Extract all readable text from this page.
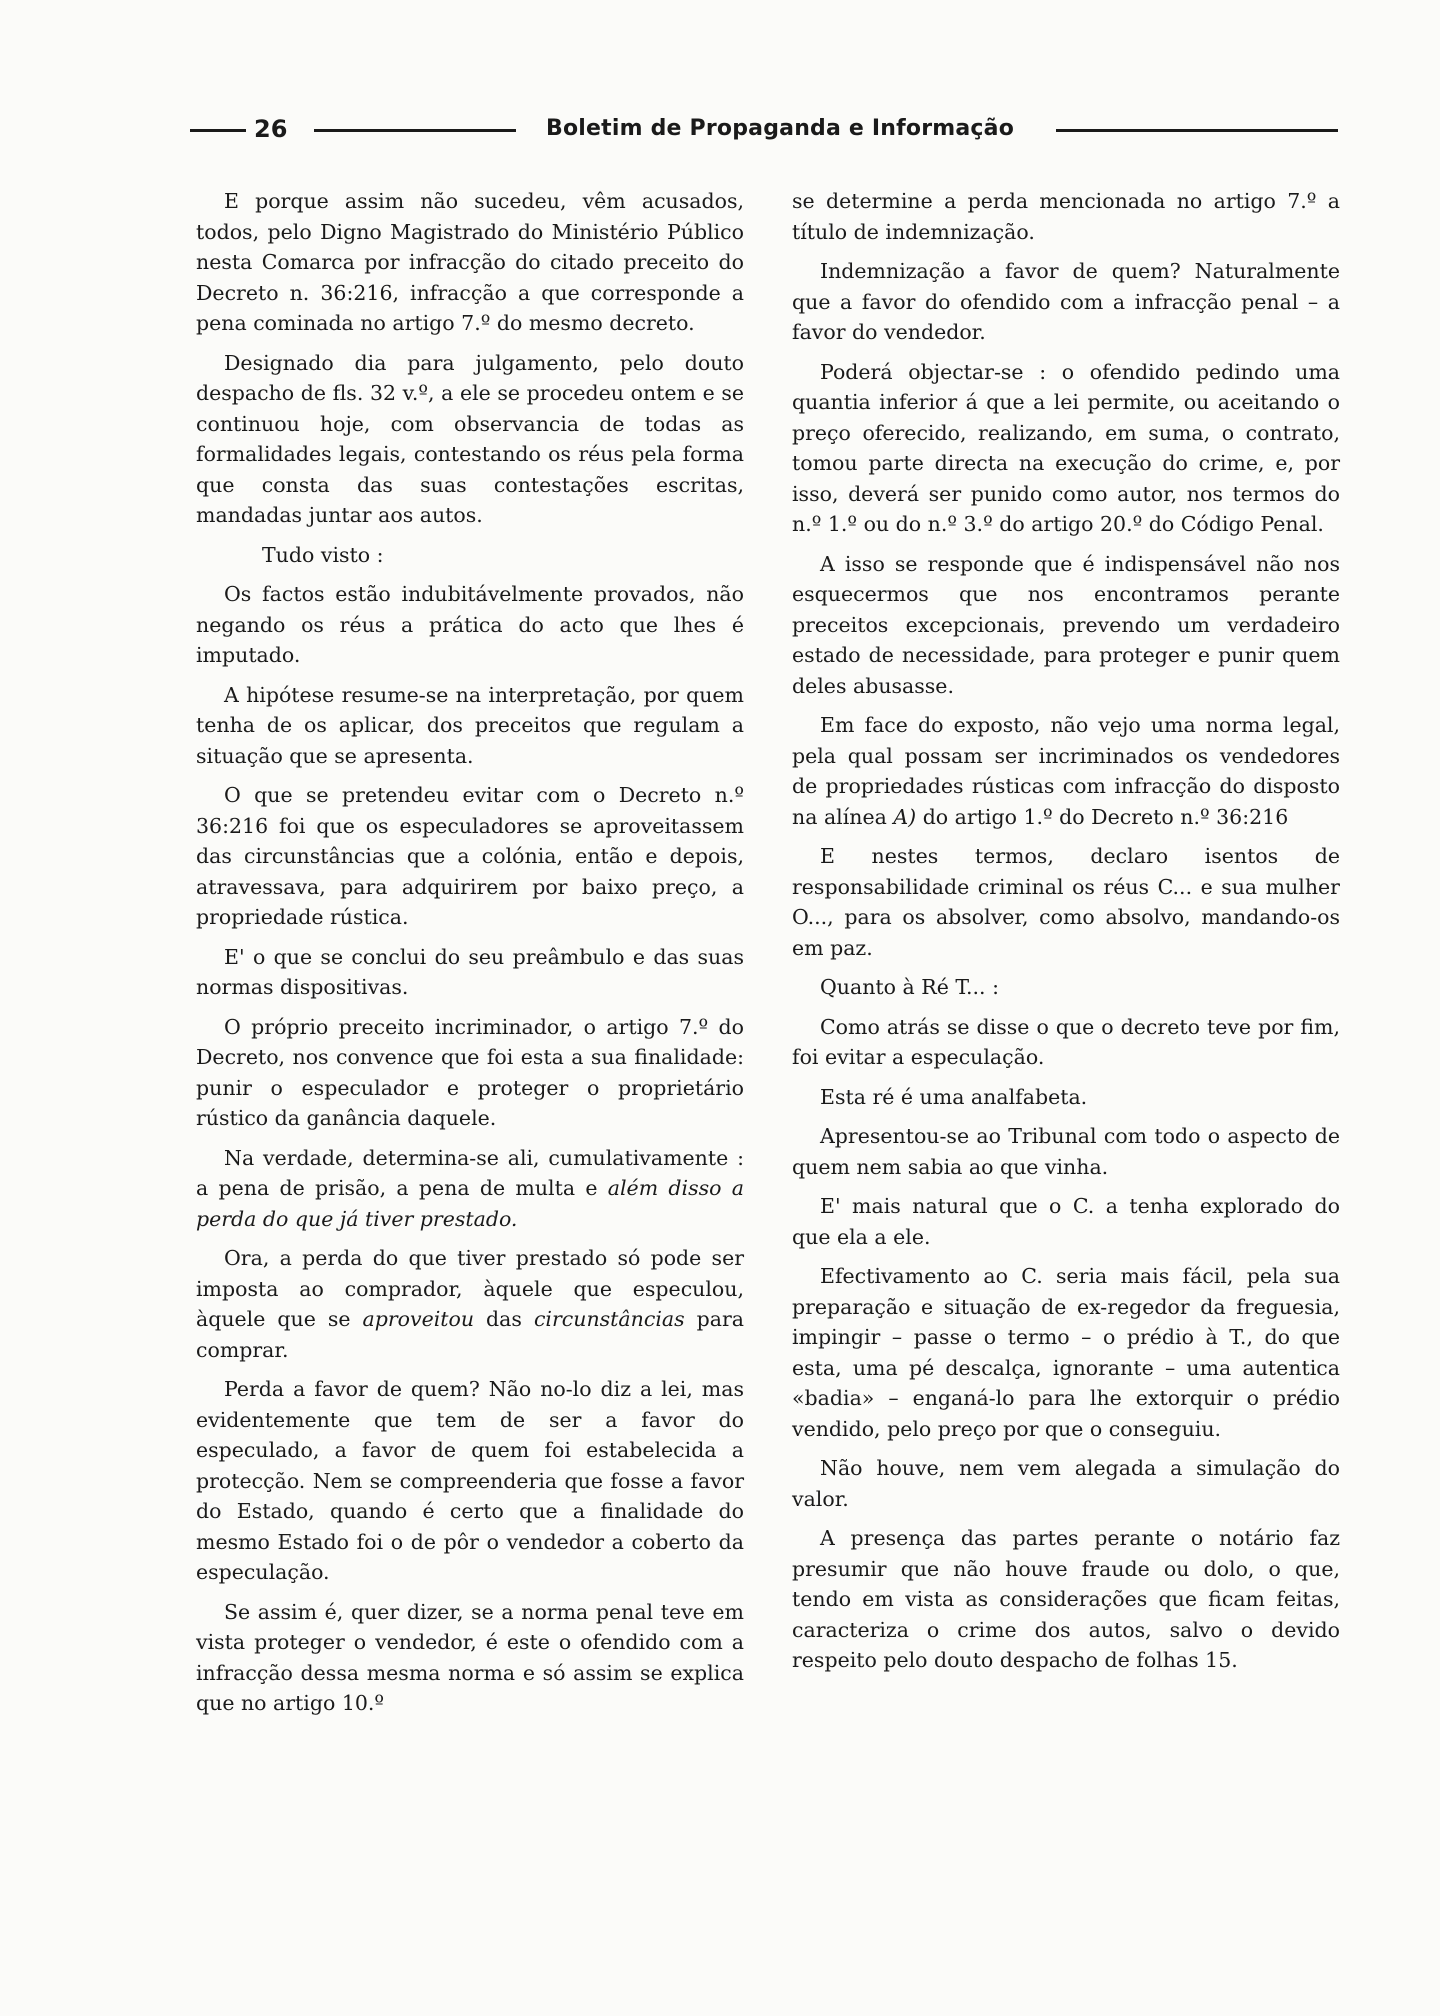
26	Boletim de Propaganda e Informação

E porque assim não sucedeu, vêm acusados, todos, pelo Digno Magistrado do Ministério Público nesta Comarca por infracção do citado preceito do Decreto n. 36:216, infracção a que corresponde a pena cominada no artigo 7.º do mesmo decreto.

Designado dia para julgamento, pelo douto despacho de fls. 32 v.º, a ele se procedeu ontem e se continuou hoje, com observancia de todas as formalidades legais, contestando os réus pela forma que consta das suas contestações escritas, mandadas juntar aos autos.

Tudo visto :

Os factos estão indubitávelmente provados, não negando os réus a prática do acto que lhes é imputado.

A hipótese resume-se na interpretação, por quem tenha de os aplicar, dos preceitos que regulam a situação que se apresenta.

O que se pretendeu evitar com o Decreto n.º 36:216 foi que os especuladores se aproveitassem das circunstâncias que a colónia, então e depois, atravessava, para adquirirem por baixo preço, a propriedade rústica.

E' o que se conclui do seu preâmbulo e das suas normas dispositivas.

O próprio preceito incriminador, o artigo 7.º do Decreto, nos convence que foi esta a sua finalidade: punir o especulador e proteger o proprietário rústico da ganância daquele.

Na verdade, determina-se ali, cumulativamente : a pena de prisão, a pena de multa e além disso a perda do que já tiver prestado.

Ora, a perda do que tiver prestado só pode ser imposta ao comprador, àquele que especulou, àquele que se aproveitou das circunstâncias para comprar.

Perda a favor de quem? Não no-lo diz a lei, mas evidentemente que tem de ser a favor do especulado, a favor de quem foi estabelecida a protecção. Nem se compreenderia que fosse a favor do Estado, quando é certo que a finalidade do mesmo Estado foi o de pôr o vendedor a coberto da especulação.

Se assim é, quer dizer, se a norma penal teve em vista proteger o vendedor, é este o ofendido com a infracção dessa mesma norma e só assim se explica que no artigo 10.º

se determine a perda mencionada no artigo 7.º a título de indemnização.

Indemnização a favor de quem? Naturalmente que a favor do ofendido com a infracção penal – a favor do vendedor.

Poderá objectar-se : o ofendido pedindo uma quantia inferior á que a lei permite, ou aceitando o preço oferecido, realizando, em suma, o contrato, tomou parte directa na execução do crime, e, por isso, deverá ser punido como autor, nos termos do n.º 1.º ou do n.º 3.º do artigo 20.º do Código Penal.

A isso se responde que é indispensável não nos esquecermos que nos encontramos perante preceitos excepcionais, prevendo um verdadeiro estado de necessidade, para proteger e punir quem deles abusasse.

Em face do exposto, não vejo uma norma legal, pela qual possam ser incriminados os vendedores de propriedades rústicas com infracção do disposto na alínea A) do artigo 1.º do Decreto n.º 36:216

E nestes termos, declaro isentos de responsabilidade criminal os réus C... e sua mulher O..., para os absolver, como absolvo, mandando-os em paz.

Quanto à Ré T... :

Como atrás se disse o que o decreto teve por fim, foi evitar a especulação.

Esta ré é uma analfabeta.

Apresentou-se ao Tribunal com todo o aspecto de quem nem sabia ao que vinha.

E' mais natural que o C. a tenha explorado do que ela a ele.

Efectivamento ao C. seria mais fácil, pela sua preparação e situação de ex-regedor da freguesia, impingir – passe o termo – o prédio à T., do que esta, uma pé descalça, ignorante – uma autentica «badia» – enganá-lo para lhe extorquir o prédio vendido, pelo preço por que o conseguiu.

Não houve, nem vem alegada a simulação do valor.

A presença das partes perante o notário faz presumir que não houve fraude ou dolo, o que, tendo em vista as considerações que ficam feitas, caracteriza o crime dos autos, salvo o devido respeito pelo douto despacho de folhas 15.
